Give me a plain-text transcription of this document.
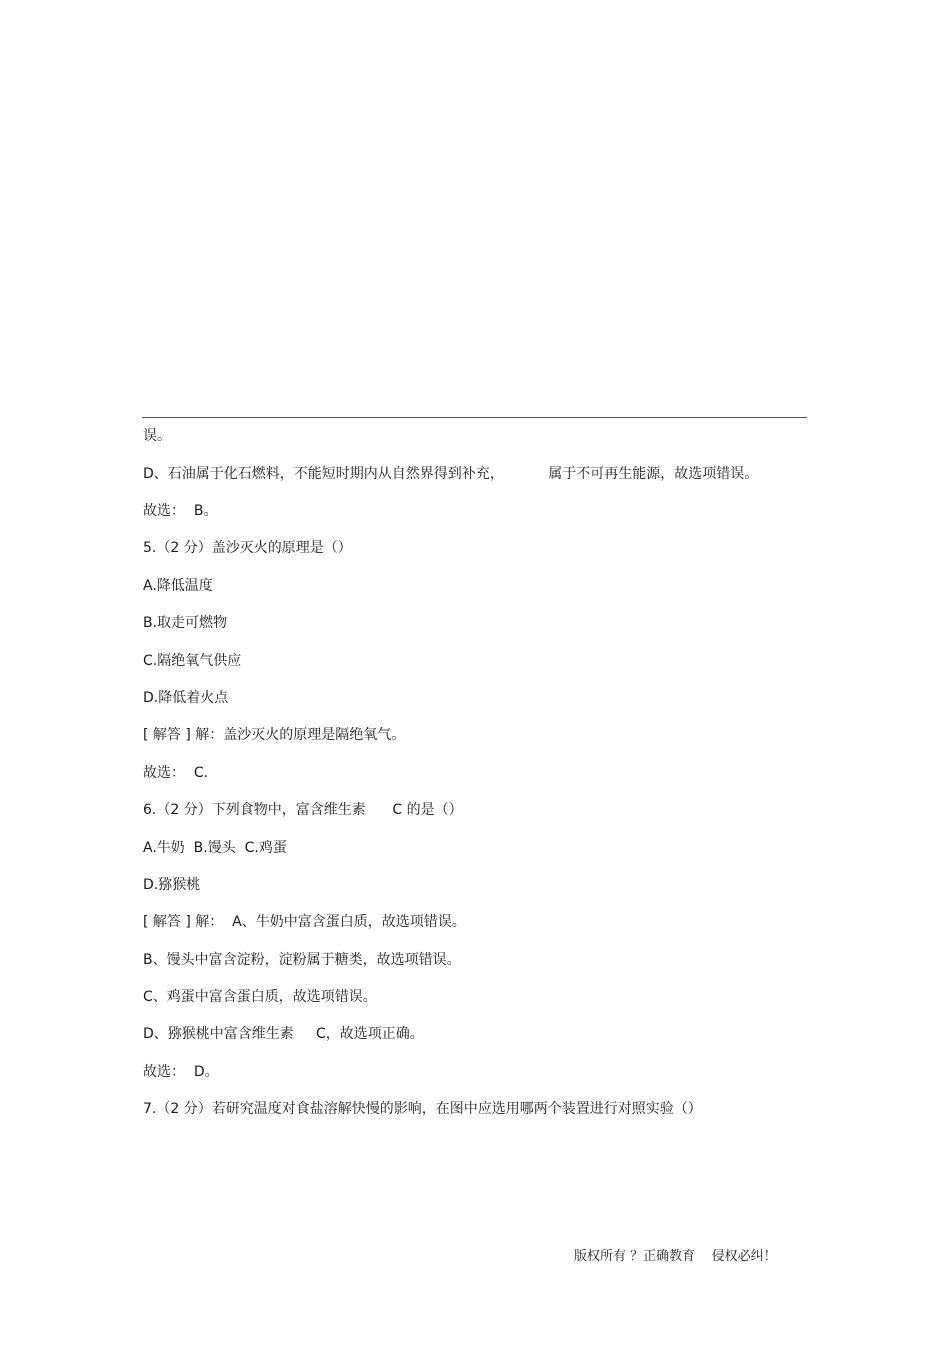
误。
D、石油属于化石燃料，不能短时期内从自然界得到补充，          属于不可再生能源，故选项错误。
故选：  B。
5.（2 分）盖沙灭火的原理是（）
A.降低温度
B.取走可燃物
C.隔绝氧气供应
D.降低着火点
[ 解答 ] 解：盖沙灭火的原理是隔绝氧气。
故选：  C.
6.（2 分）下列食物中，富含维生素      C 的是（）
A.牛奶  B.馒头  C.鸡蛋
D.猕猴桃
[ 解答 ] 解：  A、牛奶中富含蛋白质，故选项错误。
B、馒头中富含淀粉，淀粉属于糖类，故选项错误。
C、鸡蛋中富含蛋白质，故选项错误。
D、猕猴桃中富含维生素     C，故选项正确。
故选：  D。
7.（2 分）若研究温度对食盐溶解快慢的影响，在图中应选用哪两个装置进行对照实验（）
版权所有 ？正确教育    侵权必纠！
